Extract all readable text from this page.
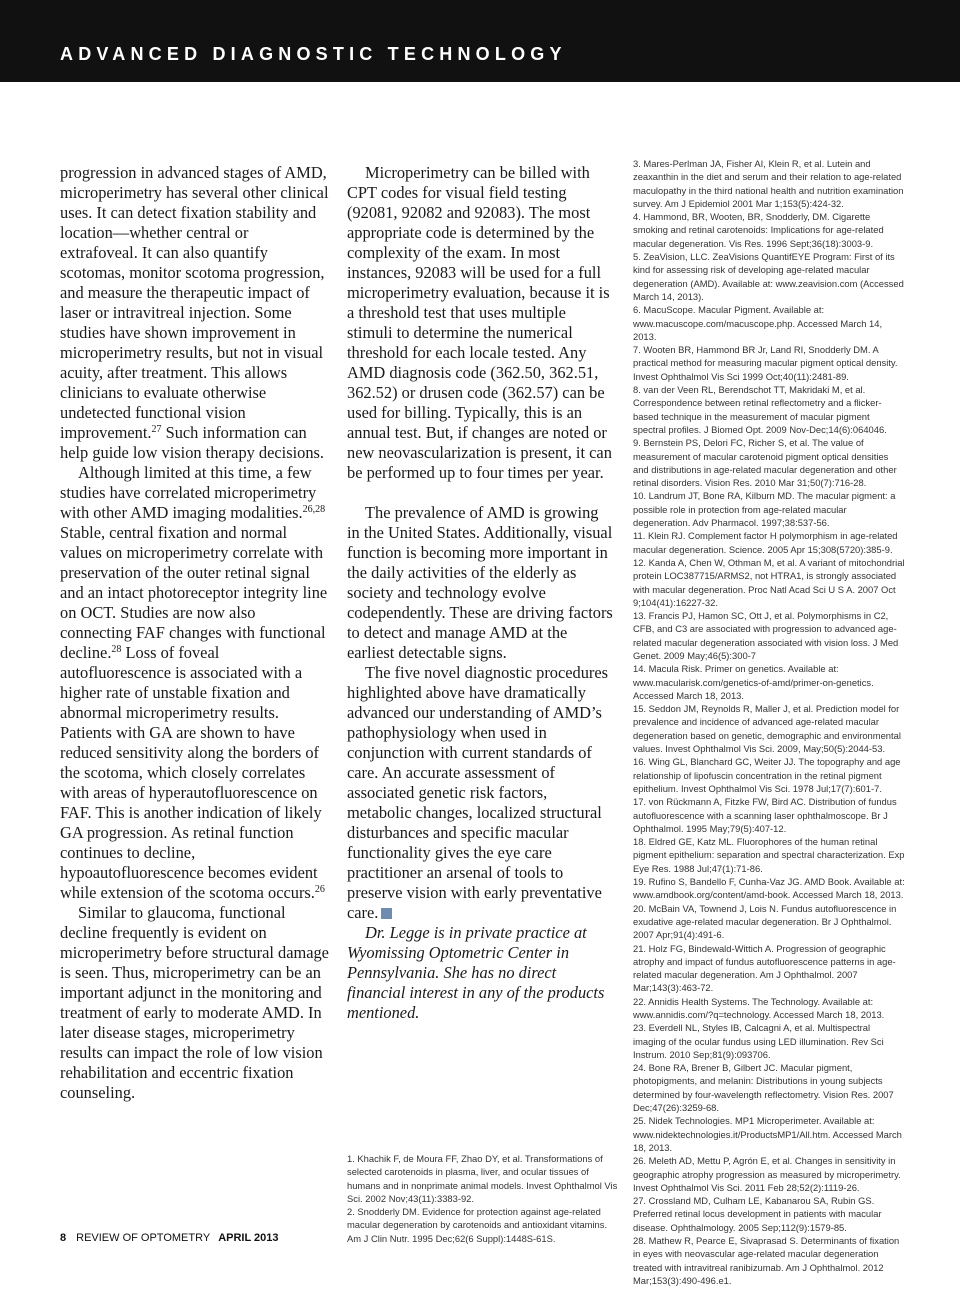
ADVANCED DIAGNOSTIC TECHNOLOGY

progression in advanced stages of AMD, microperimetry has several other clinical uses. It can detect fixation stability and location—whether central or extrafoveal. It can also quantify scotomas, monitor scotoma progression, and measure the therapeutic impact of laser or intravitreal injection. Some studies have shown improvement in microperimetry results, but not in visual acuity, after treatment. This allows clinicians to evaluate otherwise undetected functional vision improvement.$^{27}$ Such information can help guide low vision therapy decisions.

Although limited at this time, a few studies have correlated microperimetry with other AMD imaging modalities.$^{26,28}$ Stable, central fixation and normal values on microperimetry correlate with preservation of the outer retinal signal and an intact photoreceptor integrity line on OCT. Studies are now also connecting FAF changes with functional decline.$^{28}$ Loss of foveal autofluorescence is associated with a higher rate of unstable fixation and abnormal microperimetry results. Patients with GA are shown to have reduced sensitivity along the borders of the scotoma, which closely correlates with areas of hyperautofluorescence on FAF. This is another indication of likely GA progression. As retinal function continues to decline, hypoautofluorescence becomes evident while extension of the scotoma occurs.$^{26}$

Similar to glaucoma, functional decline frequently is evident on microperimetry before structural damage is seen. Thus, microperimetry can be an important adjunct in the monitoring and treatment of early to moderate AMD. In later disease stages, microperimetry results can impact the role of low vision rehabilitation and eccentric fixation counseling.

Microperimetry can be billed with CPT codes for visual field testing (92081, 92082 and 92083). The most appropriate code is determined by the complexity of the exam. In most instances, 92083 will be used for a full microperimetry evaluation, because it is a threshold test that uses multiple stimuli to determine the numerical threshold for each locale tested. Any AMD diagnosis code (362.50, 362.51, 362.52) or drusen code (362.57) can be used for billing. Typically, this is an annual test. But, if changes are noted or new neovascularization is present, it can be performed up to four times per year.

The prevalence of AMD is growing in the United States. Additionally, visual function is becoming more important in the daily activities of the elderly as society and technology evolve codependently. These are driving factors to detect and manage AMD at the earliest detectable signs.

The five novel diagnostic procedures highlighted above have dramatically advanced our understanding of AMD’s pathophysiology when used in conjunction with current standards of care. An accurate assessment of associated genetic risk factors, metabolic changes, localized structural disturbances and specific macular functionality gives the eye care practitioner an arsenal of tools to preserve vision with early preventative care.

Dr. Legge is in private practice at Wyomissing Optometric Center in Pennsylvania. She has no direct financial interest in any of the products mentioned.

1. Khachik F, de Moura FF, Zhao DY, et al. Transformations of selected carotenoids in plasma, liver, and ocular tissues of humans and in nonprimate animal models. Invest Ophthalmol Vis Sci. 2002 Nov;43(11):3383-92.

2. Snodderly DM. Evidence for protection against age-related macular degeneration by carotenoids and antioxidant vitamins. Am J Clin Nutr. 1995 Dec;62(6 Suppl):1448S-61S.

3. Mares-Perlman JA, Fisher AI, Klein R, et al. Lutein and zeaxanthin in the diet and serum and their relation to age-related maculopathy in the third national health and nutrition examination survey. Am J Epidemiol 2001 Mar 1;153(5):424-32.

4. Hammond, BR, Wooten, BR, Snodderly, DM. Cigarette smoking and retinal carotenoids: Implications for age-related macular degeneration. Vis Res. 1996 Sept;36(18):3003-9.

5. ZeaVision, LLC. ZeaVisions QuantifEYE Program: First of its kind for assessing risk of developing age-related macular degeneration (AMD). Available at: www.zeavision.com (Accessed March 14, 2013).

6. MacuScope. Macular Pigment. Available at: www.macuscope.com/macuscope.php. Accessed March 14, 2013.

7. Wooten BR, Hammond BR Jr, Land RI, Snodderly DM. A practical method for measuring macular pigment optical density. Invest Ophthalmol Vis Sci 1999 Oct;40(11):2481-89.

8. van der Veen RL, Berendschot TT, Makridaki M, et al. Correspondence between retinal reflectometry and a flicker-based technique in the measurement of macular pigment spectral profiles. J Biomed Opt. 2009 Nov-Dec;14(6):064046.

9. Bernstein PS, Delori FC, Richer S, et al. The value of measurement of macular carotenoid pigment optical densities and distributions in age-related macular degeneration and other retinal disorders. Vision Res. 2010 Mar 31;50(7):716-28.

10. Landrum JT, Bone RA, Kilburn MD. The macular pigment: a possible role in protection from age-related macular degeneration. Adv Pharmacol. 1997;38:537-56.

11. Klein RJ. Complement factor H polymorphism in age-related macular degeneration. Science. 2005 Apr 15;308(5720):385-9.

12. Kanda A, Chen W, Othman M, et al. A variant of mitochondrial protein LOC387715/ARMS2, not HTRA1, is strongly associated with macular degeneration. Proc Natl Acad Sci U S A. 2007 Oct 9;104(41):16227-32.

13. Francis PJ, Hamon SC, Ott J, et al. Polymorphisms in C2, CFB, and C3 are associated with progression to advanced age-related macular degeneration associated with vision loss. J Med Genet. 2009 May;46(5):300-7

14. Macula Risk. Primer on genetics. Available at: www.macularisk.com/genetics-of-amd/primer-on-genetics. Accessed March 18, 2013.

15. Seddon JM, Reynolds R, Maller J, et al. Prediction model for prevalence and incidence of advanced age-related macular degeneration based on genetic, demographic and environmental values. Invest Ophthalmol Vis Sci. 2009, May;50(5):2044-53.

16. Wing GL, Blanchard GC, Weiter JJ. The topography and age relationship of lipofuscin concentration in the retinal pigment epithelium. Invest Ophthalmol Vis Sci. 1978 Jul;17(7):601-7.

17. von Rückmann A, Fitzke FW, Bird AC. Distribution of fundus autofluorescence with a scanning laser ophthalmoscope. Br J Ophthalmol. 1995 May;79(5):407-12.

18. Eldred GE, Katz ML. Fluorophores of the human retinal pigment epithelium: separation and spectral characterization. Exp Eye Res. 1988 Jul;47(1):71-86.

19. Rufino S, Bandello F, Cunha-Vaz JG. AMD Book. Available at: www.amdbook.org/content/amd-book. Accessed March 18, 2013.

20. McBain VA, Townend J, Lois N. Fundus autofluorescence in exudative age-related macular degeneration. Br J Ophthalmol. 2007 Apr;91(4):491-6.

21. Holz FG, Bindewald-Wittich A. Progression of geographic atrophy and impact of fundus autofluorescence patterns in age-related macular degeneration. Am J Ophthalmol. 2007 Mar;143(3):463-72.

22. Annidis Health Systems. The Technology. Available at: www.annidis.com/?q=technology. Accessed March 18, 2013.

23. Everdell NL, Styles IB, Calcagni A, et al. Multispectral imaging of the ocular fundus using LED illumination. Rev Sci Instrum. 2010 Sep;81(9):093706.

24. Bone RA, Brener B, Gilbert JC. Macular pigment, photopigments, and melanin: Distributions in young subjects determined by four-wavelength reflectometry. Vision Res. 2007 Dec;47(26):3259-68.

25. Nidek Technologies. MP1 Microperimeter. Available at: www.nidektechnologies.it/ProductsMP1/All.htm. Accessed March 18, 2013.

26. Meleth AD, Mettu P, Agrón E, et al. Changes in sensitivity in geographic atrophy progression as measured by microperimetry. Invest Ophthalmol Vis Sci. 2011 Feb 28;52(2):1119-26.

27. Crossland MD, Culham LE, Kabanarou SA, Rubin GS. Preferred retinal locus development in patients with macular disease. Ophthalmology. 2005 Sep;112(9):1579-85.

28. Mathew R, Pearce E, Sivaprasad S. Determinants of fixation in eyes with neovascular age-related macular degeneration treated with intravitreal ranibizumab. Am J Ophthalmol. 2012 Mar;153(3):490-496.e1.

8 REVIEW OF OPTOMETRY APRIL 2013
